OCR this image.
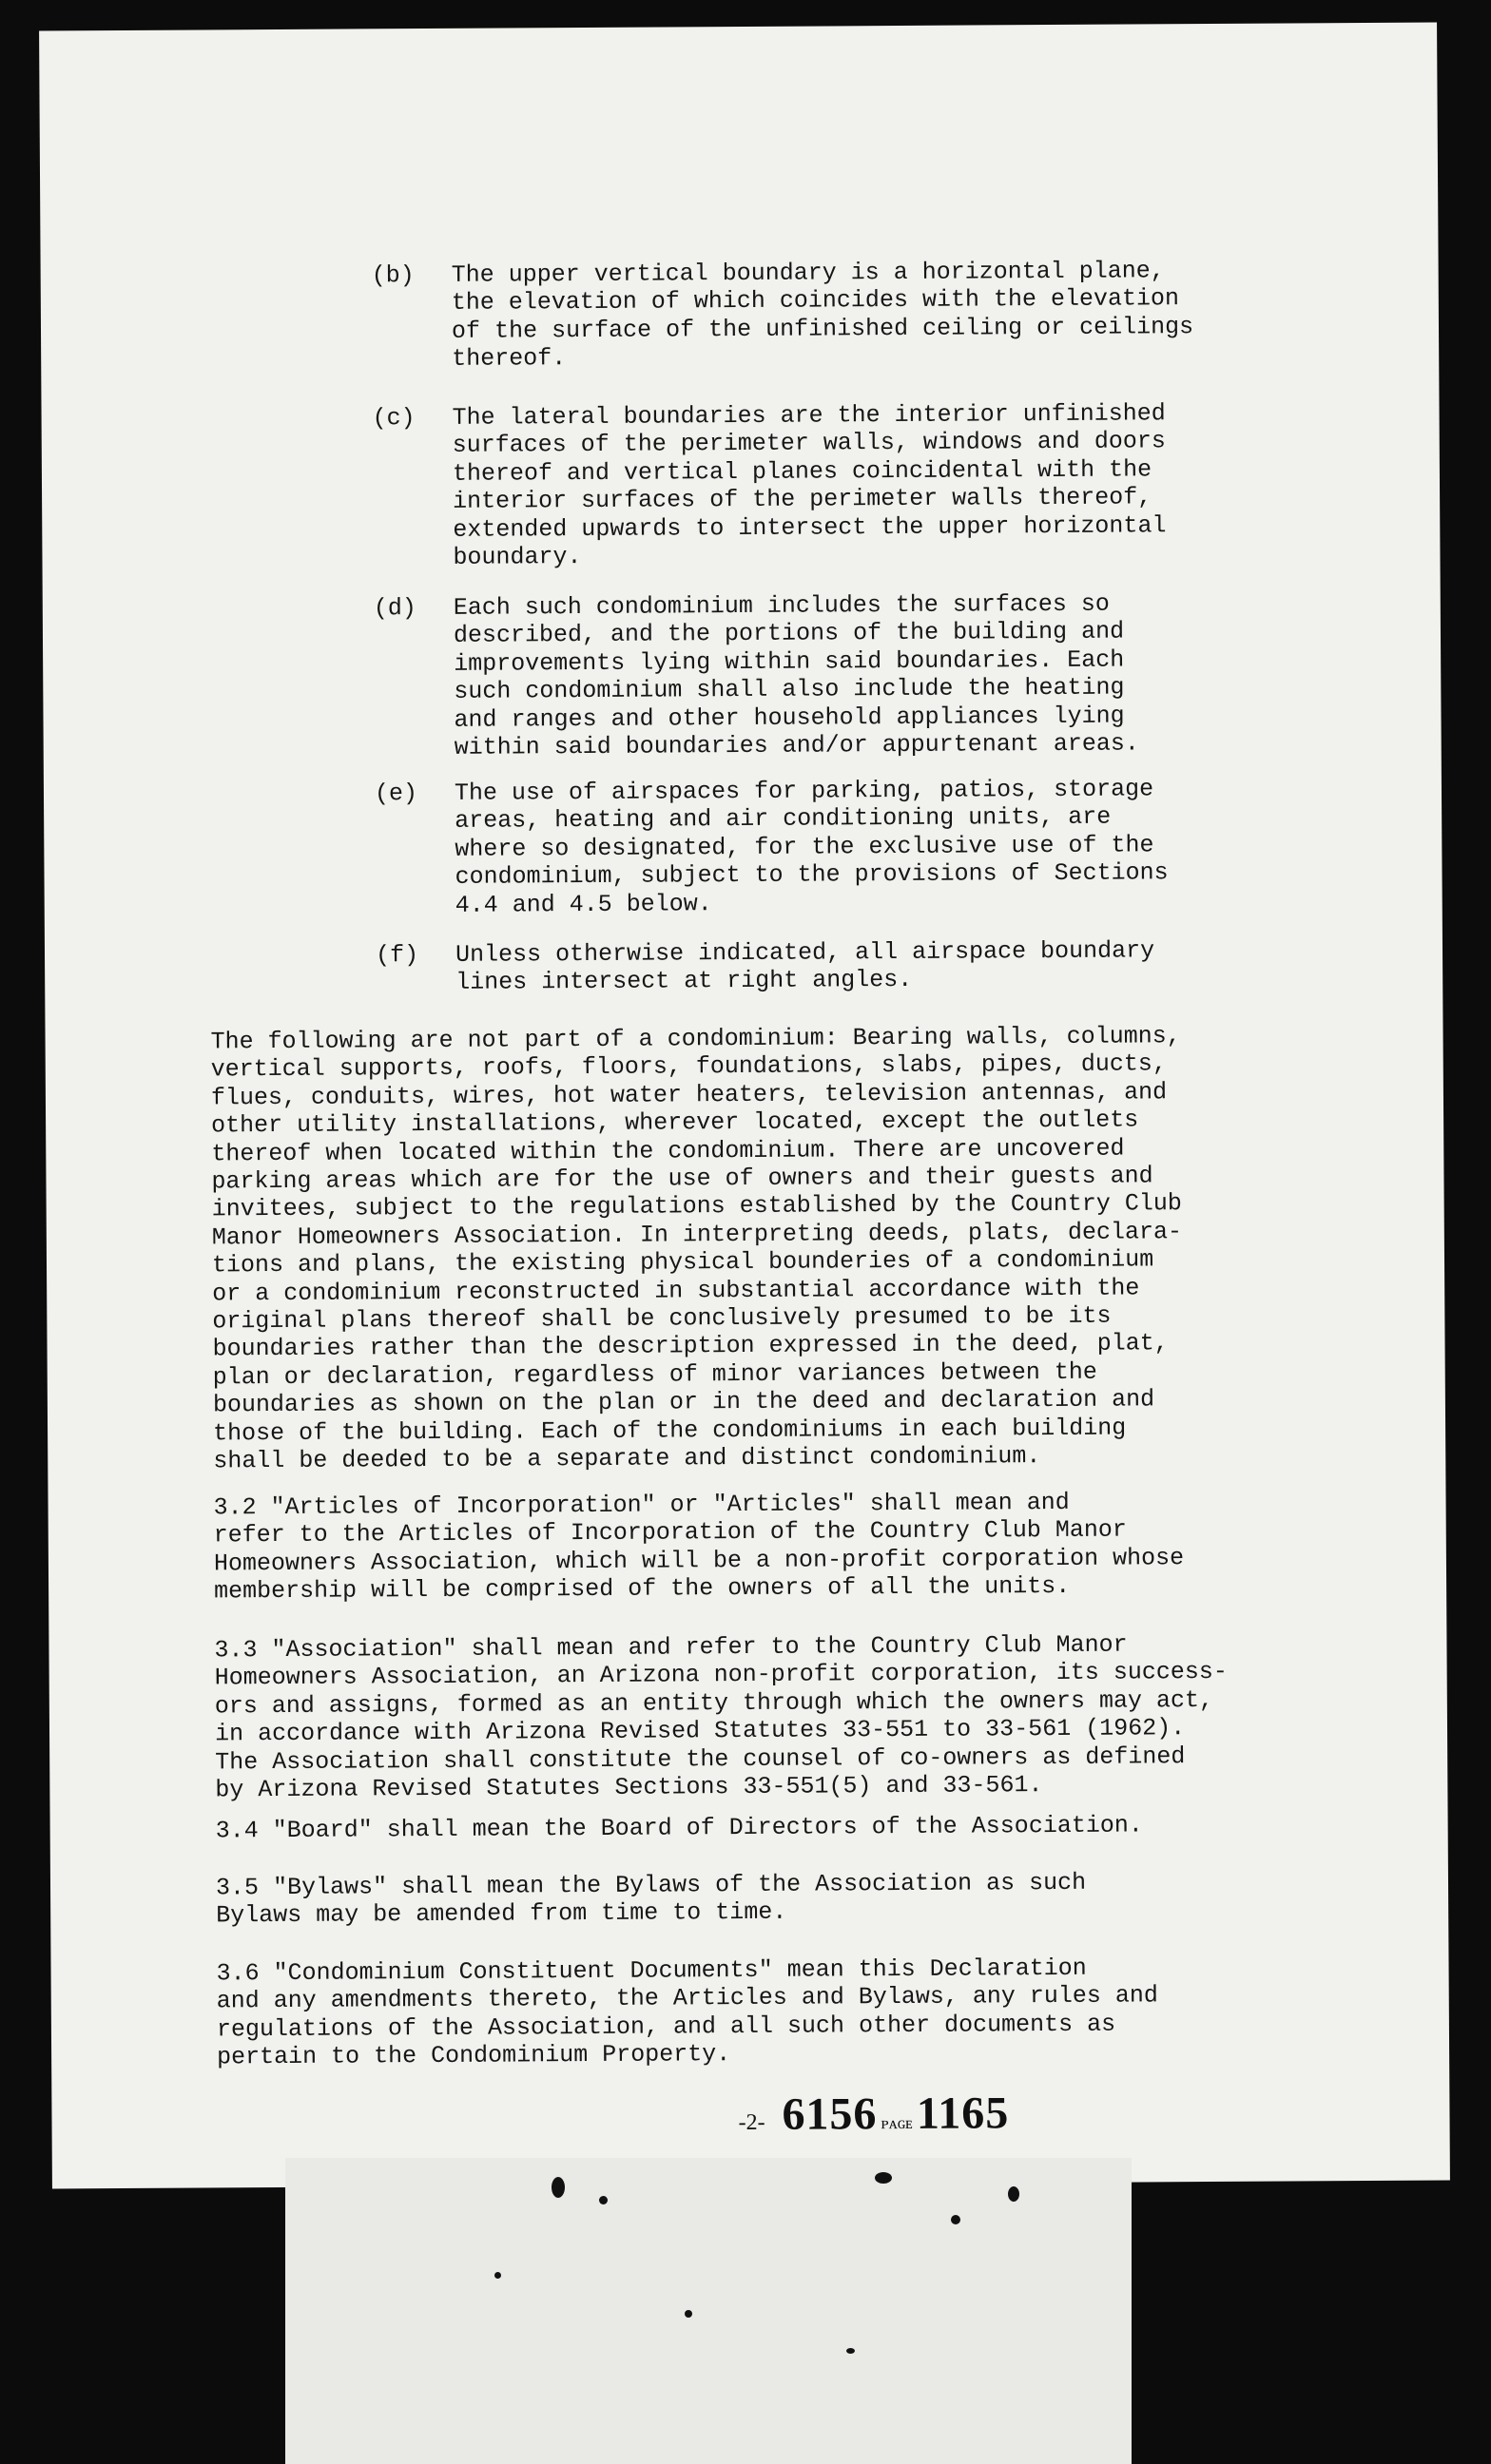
(b)	The upper vertical boundary is a horizontal plane,
the elevation of which coincides with the elevation
of the surface of the unfinished ceiling or ceilings
thereof.
(c)	The lateral boundaries are the interior unfinished
surfaces of the perimeter walls, windows and doors
thereof and vertical planes coincidental with the
interior surfaces of the perimeter walls thereof,
extended upwards to intersect the upper horizontal
boundary.
(d)	Each such condominium includes the surfaces so
described, and the portions of the building and
improvements lying within said boundaries. Each
such condominium shall also include the heating
and ranges and other household appliances lying
within said boundaries and/or appurtenant areas.
(e)	The use of airspaces for parking, patios, storage
areas, heating and air conditioning units, are
where so designated, for the exclusive use of the
condominium, subject to the provisions of Sections
4.4 and 4.5 below.
(f)	Unless otherwise indicated, all airspace boundary
lines intersect at right angles.
The following are not part of a condominium: Bearing walls, columns,
vertical supports, roofs, floors, foundations, slabs, pipes, ducts,
flues, conduits, wires, hot water heaters, television antennas, and
other utility installations, wherever located, except the outlets
thereof when located within the condominium. There are uncovered
parking areas which are for the use of owners and their guests and
invitees, subject to the regulations established by the Country Club
Manor Homeowners Association. In interpreting deeds, plats, declara-
tions and plans, the existing physical bounderies of a condominium
or a condominium reconstructed in substantial accordance with the
original plans thereof shall be conclusively presumed to be its
boundaries rather than the description expressed in the deed, plat,
plan or declaration, regardless of minor variances between the
boundaries as shown on the plan or in the deed and declaration and
those of the building. Each of the condominiums in each building
shall be deeded to be a separate and distinct condominium.
3.2 "Articles of Incorporation" or "Articles" shall mean and
refer to the Articles of Incorporation of the Country Club Manor
Homeowners Association, which will be a non-profit corporation whose
membership will be comprised of the owners of all the units.
3.3 "Association" shall mean and refer to the Country Club Manor
Homeowners Association, an Arizona non-profit corporation, its success-
ors and assigns, formed as an entity through which the owners may act,
in accordance with Arizona Revised Statutes 33-551 to 33-561 (1962).
The Association shall constitute the counsel of co-owners as defined
by Arizona Revised Statutes Sections 33-551(5) and 33-561.
3.4 "Board" shall mean the Board of Directors of the Association.
3.5 "Bylaws" shall mean the Bylaws of the Association as such
Bylaws may be amended from time to time.
3.6 "Condominium Constituent Documents" mean this Declaration
and any amendments thereto, the Articles and Bylaws, any rules and
regulations of the Association, and all such other documents as
pertain to the Condominium Property.
-2- 6156 ᴘᴀɢᴇ 1165
